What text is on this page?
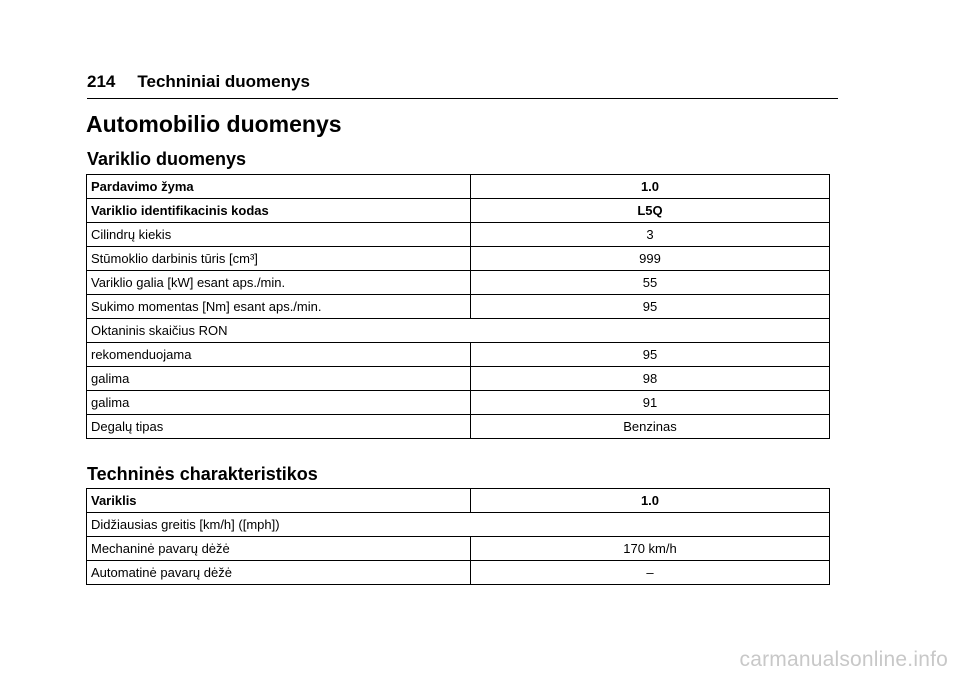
214 Techniniai duomenys
Automobilio duomenys
Variklio duomenys
Pardavimo žyma	1.0
Variklio identifikacinis kodas	L5Q
Cilindrų kiekis	3
Stūmoklio darbinis tūris [cm³]	999
Variklio galia [kW] esant aps./min.	55
Sukimo momentas [Nm] esant aps./min.	95
Oktaninis skaičius RON	
rekomenduojama	95
galima	98
galima	91
Degalų tipas	Benzinas
Techninės charakteristikos
Variklis	1.0
Didžiausias greitis [km/h] ([mph])	
Mechaninė pavarų dėžė	170 km/h
Automatinė pavarų dėžė	–
carmanualsonline.info
